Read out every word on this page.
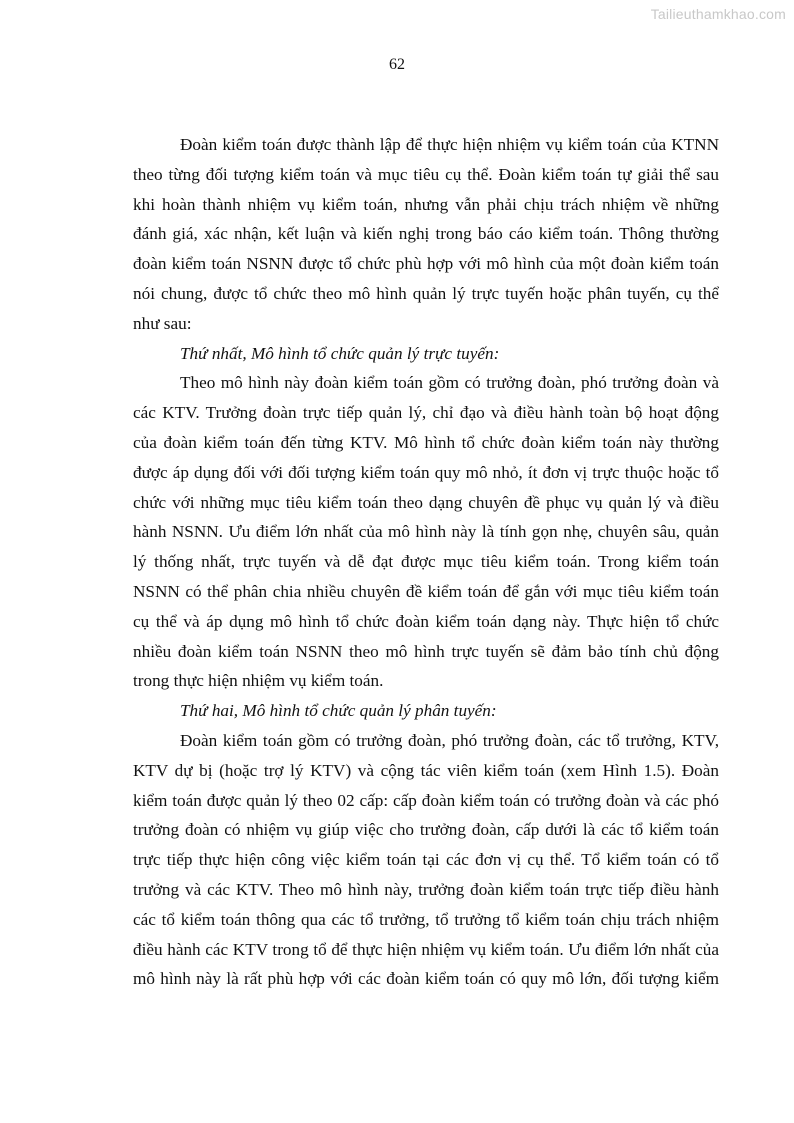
Tailieuthamkhao.com
62
Đoàn kiểm toán được thành lập để thực hiện nhiệm vụ kiểm toán của KTNN
theo từng đối tượng kiểm toán và mục tiêu cụ thể. Đoàn kiểm toán tự giải thể sau
khi hoàn thành nhiệm vụ kiểm toán, nhưng vẫn phải chịu trách nhiệm về những
đánh giá, xác nhận, kết luận và kiến nghị trong báo cáo kiểm toán. Thông thường
đoàn kiểm toán NSNN được tổ chức phù hợp với mô hình của một đoàn kiểm toán
nói chung, được tổ chức theo mô hình quản lý trực tuyến hoặc phân tuyến, cụ thể
như sau:
Thứ nhất, Mô hình tổ chức quản lý trực tuyến:
Theo mô hình này đoàn kiểm toán gồm có trưởng đoàn, phó trưởng đoàn và
các KTV. Trưởng đoàn trực tiếp quản lý, chỉ đạo và điều hành toàn bộ hoạt động
của đoàn kiểm toán đến từng KTV. Mô hình tổ chức đoàn kiểm toán này thường
được áp dụng đối với đối tượng kiểm toán quy mô nhỏ, ít đơn vị trực thuộc hoặc tổ
chức với những mục tiêu kiểm toán theo dạng chuyên đề phục vụ quản lý và điều
hành NSNN. Ưu điểm lớn nhất của mô hình này là tính gọn nhẹ, chuyên sâu, quản
lý thống nhất, trực tuyến và dễ đạt được mục tiêu kiểm toán. Trong kiểm toán
NSNN có thể phân chia nhiều chuyên đề kiểm toán để gắn với mục tiêu kiểm toán
cụ thể và áp dụng mô hình tổ chức đoàn kiểm toán dạng này. Thực hiện tổ chức
nhiều đoàn kiểm toán NSNN theo mô hình trực tuyến sẽ đảm bảo tính chủ động
trong thực hiện nhiệm vụ kiểm toán.
Thứ hai, Mô hình tổ chức quản lý phân tuyến:
Đoàn kiểm toán gồm có trưởng đoàn, phó trưởng đoàn, các tổ trưởng, KTV,
KTV dự bị (hoặc trợ lý KTV) và cộng tác viên kiểm toán (xem Hình 1.5). Đoàn
kiểm toán được quản lý theo 02 cấp: cấp đoàn kiểm toán có trưởng đoàn và các phó
trưởng đoàn có nhiệm vụ giúp việc cho trưởng đoàn, cấp dưới là các tổ kiểm toán
trực tiếp thực hiện công việc kiểm toán tại các đơn vị cụ thể. Tổ kiểm toán có tổ
trưởng và các KTV. Theo mô hình này, trưởng đoàn kiểm toán trực tiếp điều hành
các tổ kiểm toán thông qua các tổ trưởng, tổ trưởng tổ kiểm toán chịu trách nhiệm
điều hành các KTV trong tổ để thực hiện nhiệm vụ kiểm toán. Ưu điểm lớn nhất của
mô hình này là rất phù hợp với các đoàn kiểm toán có quy mô lớn, đối tượng kiểm
